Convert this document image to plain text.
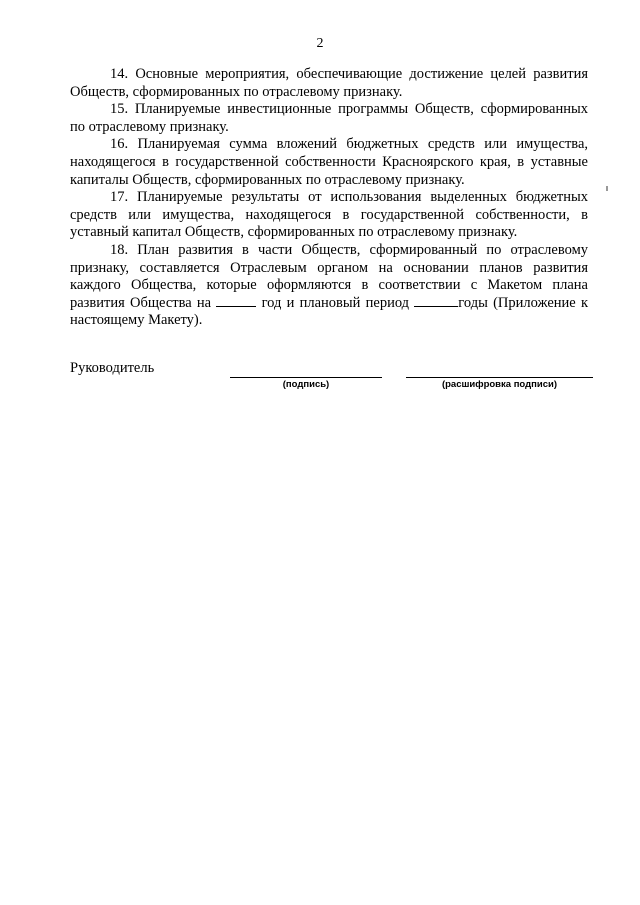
2

14. Основные мероприятия, обеспечивающие достижение целей развития Обществ, сформированных по отраслевому признаку.

15. Планируемые инвестиционные программы Обществ, сформированных по отраслевому признаку.

16. Планируемая сумма вложений бюджетных средств или имущества, находящегося в государственной собственности Красноярского края, в уставные капиталы Обществ, сформированных по отраслевому признаку.

17. Планируемые результаты от использования выделенных бюджетных средств или имущества, находящегося в государственной собственности, в уставный капитал Обществ, сформированных по отраслевому признаку.

18. План развития в части Обществ, сформированный по отраслевому признаку, составляется Отраслевым органом на основании планов развития каждого Общества, которые оформляются в соответствии с Макетом плана развития Общества на	год и плановый период	годы (Приложение к настоящему Макету).

Руководитель
(подпись)	(расшифровка подписи)
